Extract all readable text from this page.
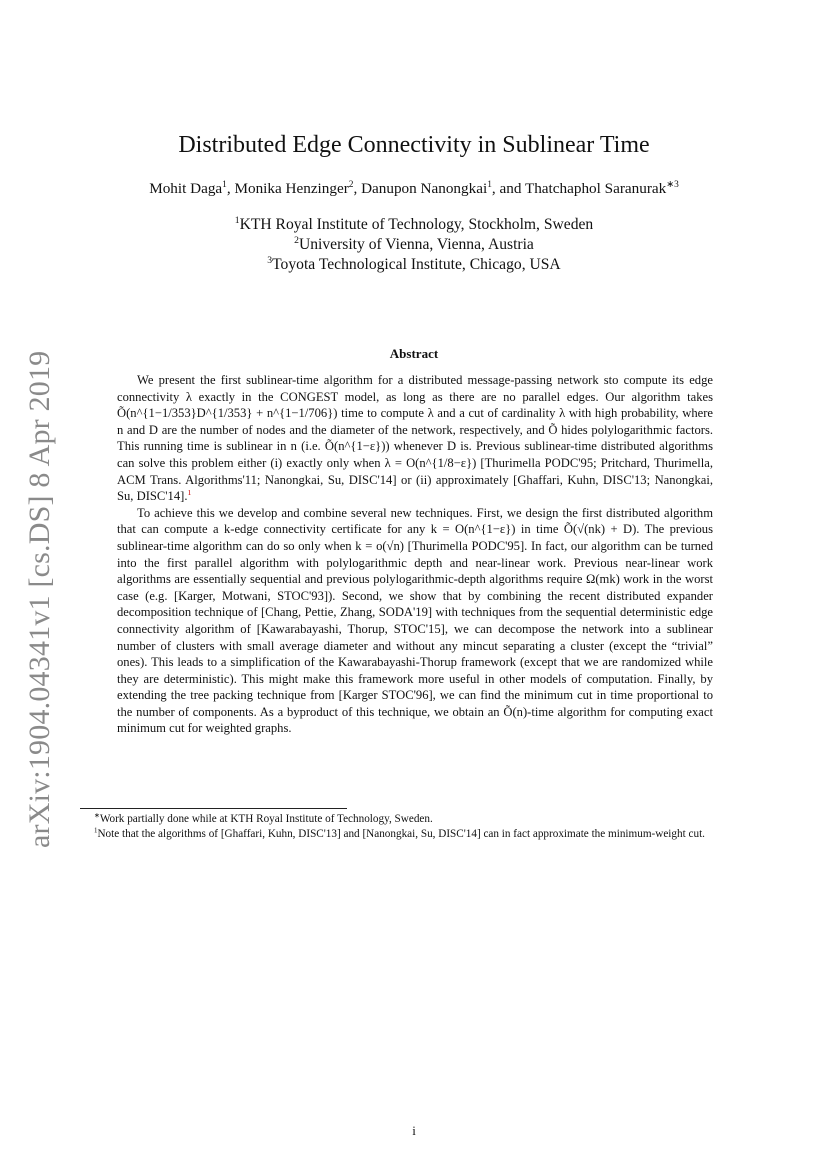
arXiv:1904.04341v1 [cs.DS] 8 Apr 2019
Distributed Edge Connectivity in Sublinear Time
Mohit Daga$^1$, Monika Henzinger$^2$, Danupon Nanongkai$^1$, and Thatchaphol Saranurak$^{∗3}$
$^1$KTH Royal Institute of Technology, Stockholm, Sweden
$^2$University of Vienna, Vienna, Austria
$^3$Toyota Technological Institute, Chicago, USA
Abstract

We present the first sublinear-time algorithm for a distributed message-passing network sto compute its edge connectivity λ exactly in the CONGEST model, as long as there are no parallel edges. Our algorithm takes Õ(n^{1−1/353}D^{1/353} + n^{1−1/706}) time to compute λ and a cut of cardinality λ with high probability, where n and D are the number of nodes and the diameter of the network, respectively, and Õ hides polylogarithmic factors. This running time is sublinear in n (i.e. Õ(n^{1−ε})) whenever D is. Previous sublinear-time distributed algorithms can solve this problem either (i) exactly only when λ = O(n^{1/8−ε}) [Thurimella PODC'95; Pritchard, Thurimella, ACM Trans. Algorithms'11; Nanongkai, Su, DISC'14] or (ii) approximately [Ghaffari, Kuhn, DISC'13; Nanongkai, Su, DISC'14].$^1$

To achieve this we develop and combine several new techniques. First, we design the first distributed algorithm that can compute a k-edge connectivity certificate for any k = O(n^{1−ε}) in time Õ(√(nk) + D). The previous sublinear-time algorithm can do so only when k = o(√n) [Thurimella PODC'95]. In fact, our algorithm can be turned into the first parallel algorithm with polylogarithmic depth and near-linear work. Previous near-linear work algorithms are essentially sequential and previous polylogarithmic-depth algorithms require Ω(mk) work in the worst case (e.g. [Karger, Motwani, STOC'93]). Second, we show that by combining the recent distributed expander decomposition technique of [Chang, Pettie, Zhang, SODA'19] with techniques from the sequential deterministic edge connectivity algorithm of [Kawarabayashi, Thorup, STOC'15], we can decompose the network into a sublinear number of clusters with small average diameter and without any mincut separating a cluster (except the “trivial” ones). This leads to a simplification of the Kawarabayashi-Thorup framework (except that we are randomized while they are deterministic). This might make this framework more useful in other models of computation. Finally, by extending the tree packing technique from [Karger STOC'96], we can find the minimum cut in time proportional to the number of components. As a byproduct of this technique, we obtain an Õ(n)-time algorithm for computing exact minimum cut for weighted graphs.

∗Work partially done while at KTH Royal Institute of Technology, Sweden.

$^1$Note that the algorithms of [Ghaffari, Kuhn, DISC'13] and [Nanongkai, Su, DISC'14] can in fact approximate the minimum-weight cut.

i
